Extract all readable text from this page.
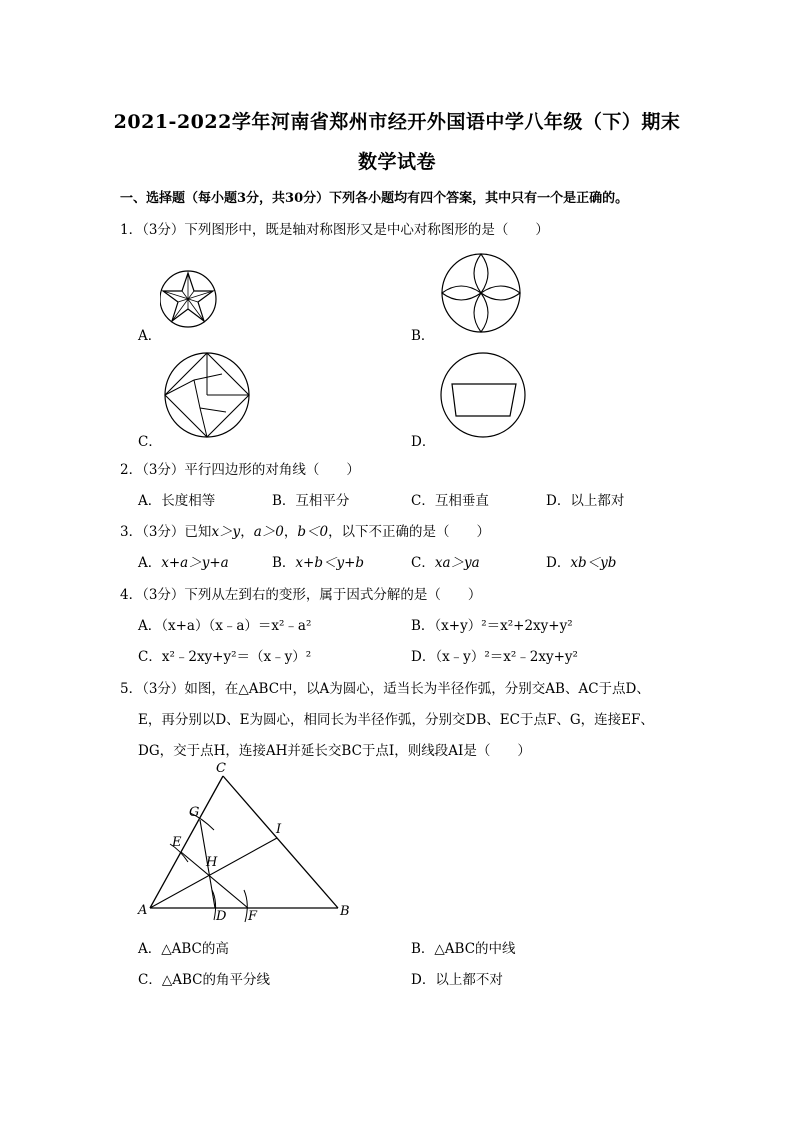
2021-2022学年河南省郑州市经开外国语中学八年级（下）期末
数学试卷
一、选择题（每小题3分，共30分）下列各小题均有四个答案，其中只有一个是正确的。
1．（3分）下列图形中，既是轴对称图形又是中心对称图形的是（　　）
A．	B．
C．	D．
2．（3分）平行四边形的对角线（　　）
A．长度相等	B．互相平分	C．互相垂直	D．以上都对
3．（3分）已知x＞y，a＞0，b＜0，以下不正确的是（　　）
A．x+a＞y+a	B．x+b＜y+b	C．xa＞ya	D．xb＜yb
4．（3分）下列从左到右的变形，属于因式分解的是（　　）
A．（x+a）（x﹣a）＝x²﹣a²	B．（x+y）²＝x²+2xy+y²
C．x²﹣2xy+y²＝（x﹣y）²	D．（x﹣y）²＝x²﹣2xy+y²
5．（3分）如图，在△ABC中，以A为圆心，适当长为半径作弧，分别交AB、AC于点D、
E，再分别以D、E为圆心，相同长为半径作弧，分别交DB、EC于点F、G，连接EF、
DG，交于点H，连接AH并延长交BC于点I，则线段AI是（　　）
C
G
I
E
H
A	D F	B
A．△ABC的高	B．△ABC的中线
C．△ABC的角平分线	D．以上都不对
